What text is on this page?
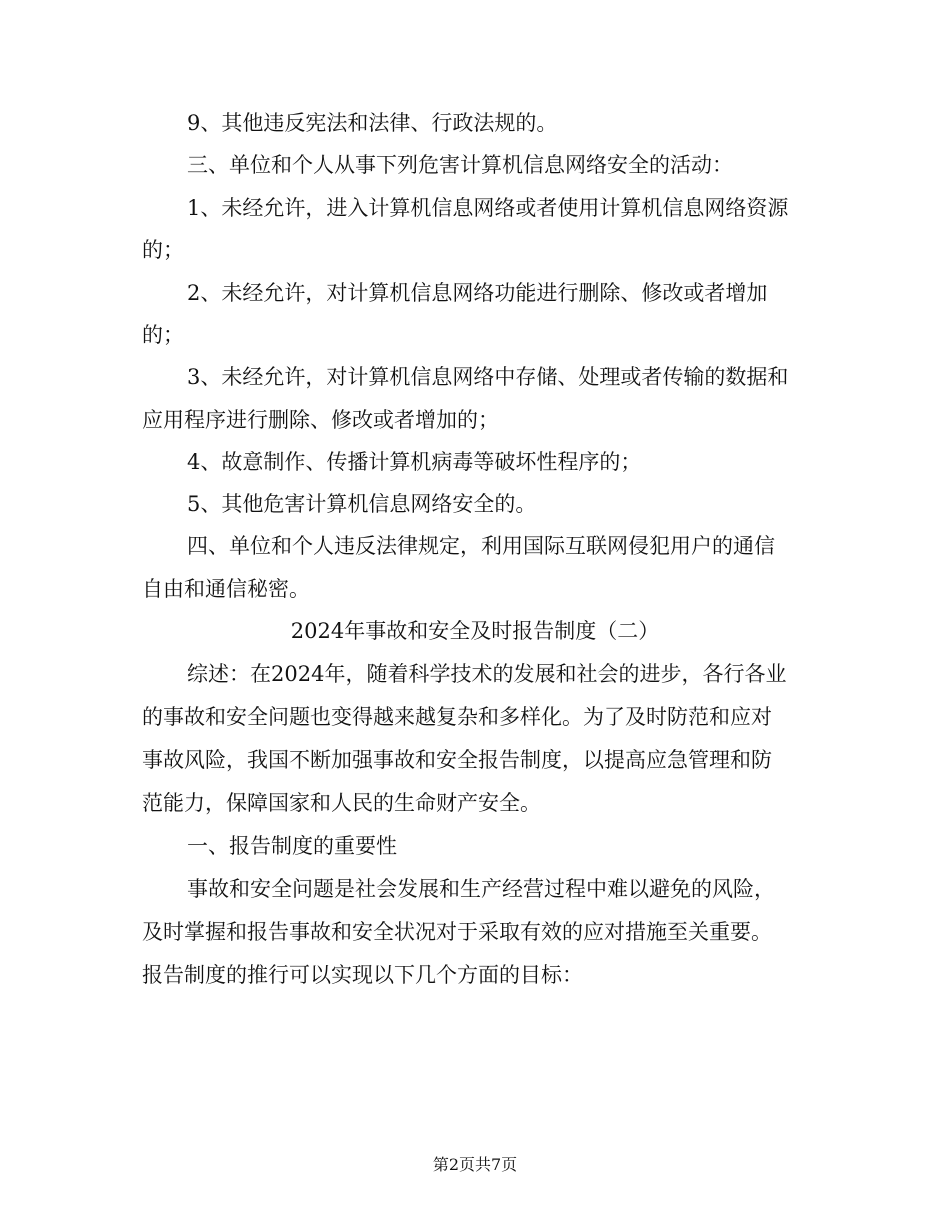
9、其他违反宪法和法律、行政法规的。
三、单位和个人从事下列危害计算机信息网络安全的活动：
1、未经允许，进入计算机信息网络或者使用计算机信息网络资源
的；
2、未经允许，对计算机信息网络功能进行删除、修改或者增加
的；
3、未经允许，对计算机信息网络中存储、处理或者传输的数据和
应用程序进行删除、修改或者增加的；
4、故意制作、传播计算机病毒等破坏性程序的；
5、其他危害计算机信息网络安全的。
四、单位和个人违反法律规定，利用国际互联网侵犯用户的通信
自由和通信秘密。
2024年事故和安全及时报告制度（二）
综述：在2024年，随着科学技术的发展和社会的进步，各行各业
的事故和安全问题也变得越来越复杂和多样化。为了及时防范和应对
事故风险，我国不断加强事故和安全报告制度，以提高应急管理和防
范能力，保障国家和人民的生命财产安全。
一、报告制度的重要性
事故和安全问题是社会发展和生产经营过程中难以避免的风险，
及时掌握和报告事故和安全状况对于采取有效的应对措施至关重要。
报告制度的推行可以实现以下几个方面的目标：
第2页共7页
